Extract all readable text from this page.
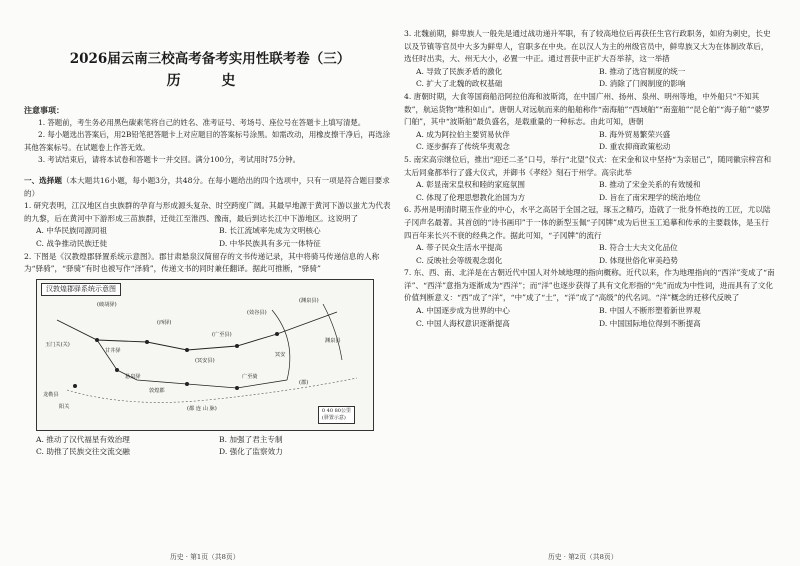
2026届云南三校高考备考实用性联考卷（三）
历 史
注意事项：
1. 答题前，考生务必用黑色碳素笔将自己的姓名、准考证号、考场号、座位号在答题卡上填写清楚。
2. 每小题选出答案后，用2B铅笔把答题卡上对应题目的答案标号涂黑。如需改动，用橡皮擦干净后，再选涂其他答案标号。在试题卷上作答无效。
3. 考试结束后，请将本试卷和答题卡一并交回。满分100分，考试用时75分钟。
一、选择题（本大题共16小题，每小题3分，共48分。在每小题给出的四个选项中，只有一项是符合题目要求的）
1. 研究表明，江汉地区自虫族群的孕育与形成源头复杂、时空跨度广阔。其最早地源于黄河下游以蚩尤为代表的九黎，后在黄河中下游形成三苗族群，迁徙江至淮西、豫南，最后到达长江中下游地区。这说明了
A. 中华民族同源同祖	B. 长江流域率先成为文明核心
C. 战争推动民族迁徙	D. 中华民族具有多元一体特征
2. 下图是《汉教煌郡驿置系统示意图》。郡甘肃悬泉汉简留存的文书传递记录，其中将骑马传递信息的人称为“驿骑”，“驿骑”有时也被写作“泽骑”，传递文书的同时兼任翻译。据此可推断，“驿骑”
汉敦煌郡驿系统示意图
(破胡驿)
(西驿)
(广至县)
(效谷县)
(渊泉县)
玉门关(关)
甘井驿
(冥安县)
悬泉驿
敦煌郡
龙勒县
阳关	(都 连 山 脉)
广至骑
冥安
(郡)
渊泉县
0 40 80公里
(驿置示意)
A. 推动了汉代福星有效治理	B. 加强了君主专制
C. 助推了民族交往交流交融	D. 强化了监察效力
3. 北魏前期，鲜卑族人一般先是通过战功递升军职，有了较高地位后再获任生官行政职务，如府为刺史，长史以及节镇等官员中大多为鲜卑人，官职多在中央。在以汉人为主的州级官员中，鲜卑族又大为在体制改革后，选任时出卖，大、州无大小，必置一中正。通过晋获中正扩大吾举荐，这一举措
A. 导致了民族矛盾的激化	B. 推动了选官制度的统一
C. 扩大了北魏的政权基础	D. 消除了门阀制度的影响
4. 唐朝时期，大食等国商船沿阿拉伯海和波斯湾，在中国广州、扬州、泉州、明州等地，中外船只“不知其数”，航运货物“堆积如山”。唐朝人对远航而来的船舶称作“南海舶”“西域舶”“南蛮舶”“昆仑舶”“海子舶”“婆罗门舶”，其中“波斯舶”最负盛名，是载重量的一种标志。由此可知，唐朝
A. 成为阿拉伯主要贸易伙伴	B. 海外贸易繁荣兴盛
C. 逐步摒弃了传统华夷观念	D. 重农抑商政策松动
5. 南宋高宗继位后，推出“迎还二圣”口号，举行“北望”仪式：在宋金和议中坚持“为亲屈己”，随同徽宗梓宫和太后同龛都举行了盛大仪式，并御书《孝经》刻石于州学。高宗此举
A. 彰显南宋皇权和睦的家庭氛围	B. 推动了宋金关系的有效缓和
C. 体现了伦理思想教化治国为方	D. 旨在了南宋理学的统治地位
6. 苏州是明清时期玉作业的中心，水平之高居于全国之冠，琢玉之精巧，造就了一批身怀绝技的工匠，尤以陆子冈声名最著。其首创的“诗书画印”于一体的新型玉佩“子冈牌”成为后世玉工追摹和传承的主要载体，是玉行四百年来长兴不衰的经典之作。据此可知，“子冈牌”的流行
A. 带子民众生活水平提高	B. 符合士大夫文化品位
C. 反映社会等级观念弱化	D. 体现世俗化审美趋势
7. 东、西、南、北洋是在古朝近代中国人对外域地理的指向概称。近代以来，作为地理指向的“西洋”变成了“南洋”、“西洋”意指为逐渐成为“西洋”；而“洋”也逐步获得了具有文化形指的“先”而成为中性词，进而具有了文化价值判断意义：“西”成了“洋”，“中”成了“土”，“洋”成了“高级”的代名词。“洋”概念的迁移代反映了
A. 中国逐步成为世界的中心	B. 中国人不断形塑着新世界观
C. 中国人海权意识逐渐提高	D. 中国国际地位得到不断提高
历史 · 第1页（共8页）	历史 · 第2页（共8页）
